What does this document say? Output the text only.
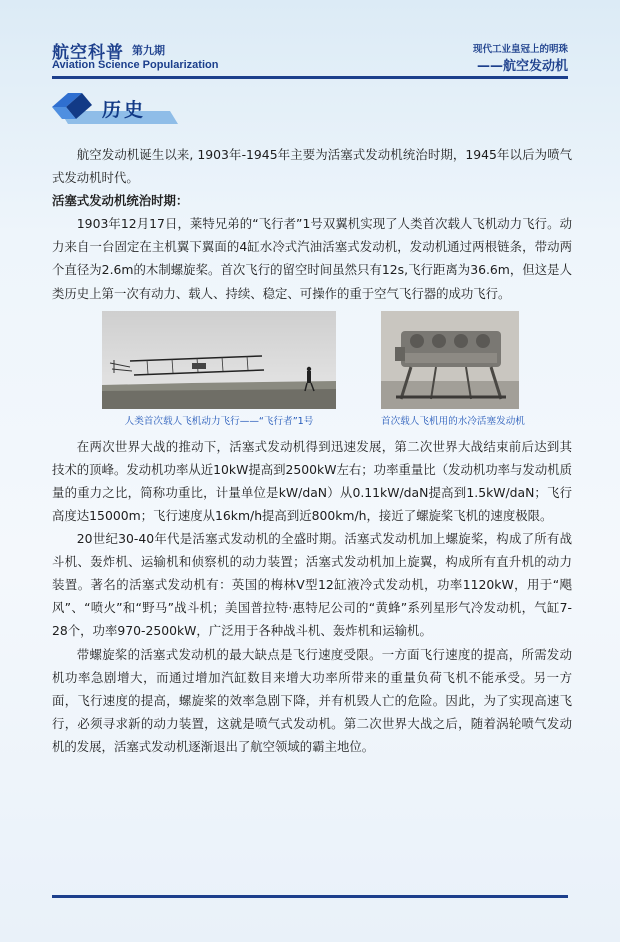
航空科普 第九期
Aviation Science Popularization
现代工业皇冠上的明珠
——航空发动机
历史

航空发动机诞生以来, 1903年-1945年主要为活塞式发动机统治时期，1945年以后为喷气式发动机时代。

活塞式发动机统治时期：

1903年12月17日，莱特兄弟的“飞行者”1号双翼机实现了人类首次载人飞机动力飞行。动力来自一台固定在主机翼下翼面的4缸水冷式汽油活塞式发动机，发动机通过两根链条，带动两个直径为2.6m的木制螺旋桨。首次飞行的留空时间虽然只有12s,飞行距离为36.6m，但这是人类历史上第一次有动力、载人、持续、稳定、可操作的重于空气飞行器的成功飞行。

人类首次载人飞机动力飞行——“飞行者”1号	首次载人飞机用的水冷活塞发动机

在两次世界大战的推动下，活塞式发动机得到迅速发展，第二次世界大战结束前后达到其技术的顶峰。发动机功率从近10kW提高到2500kW左右；功率重量比（发动机功率与发动机质量的重力之比，简称功重比，计量单位是kW/daN）从0.11kW/daN提高到1.5kW/daN；飞行高度达15000m；飞行速度从16km/h提高到近800km/h，接近了螺旋桨飞机的速度极限。

20世纪30-40年代是活塞式发动机的全盛时期。活塞式发动机加上螺旋桨，构成了所有战斗机、轰炸机、运输机和侦察机的动力装置；活塞式发动机加上旋翼，构成所有直升机的动力装置。著名的活塞式发动机有：英国的梅林V型12缸液冷式发动机，功率1120kW，用于“飓风”、“喷火”和“野马”战斗机；美国普拉特·惠特尼公司的“黄蜂”系列星形气冷发动机，气缸7-28个，功率970-2500kW，广泛用于各种战斗机、轰炸机和运输机。

带螺旋桨的活塞式发动机的最大缺点是飞行速度受限。一方面飞行速度的提高，所需发动机功率急剧增大，而通过增加汽缸数目来增大功率所带来的重量负荷飞机不能承受。另一方面，飞行速度的提高，螺旋桨的效率急剧下降，并有机毁人亡的危险。因此，为了实现高速飞行，必须寻求新的动力装置，这就是喷气式发动机。第二次世界大战之后，随着涡轮喷气发动机的发展，活塞式发动机逐渐退出了航空领域的霸主地位。
